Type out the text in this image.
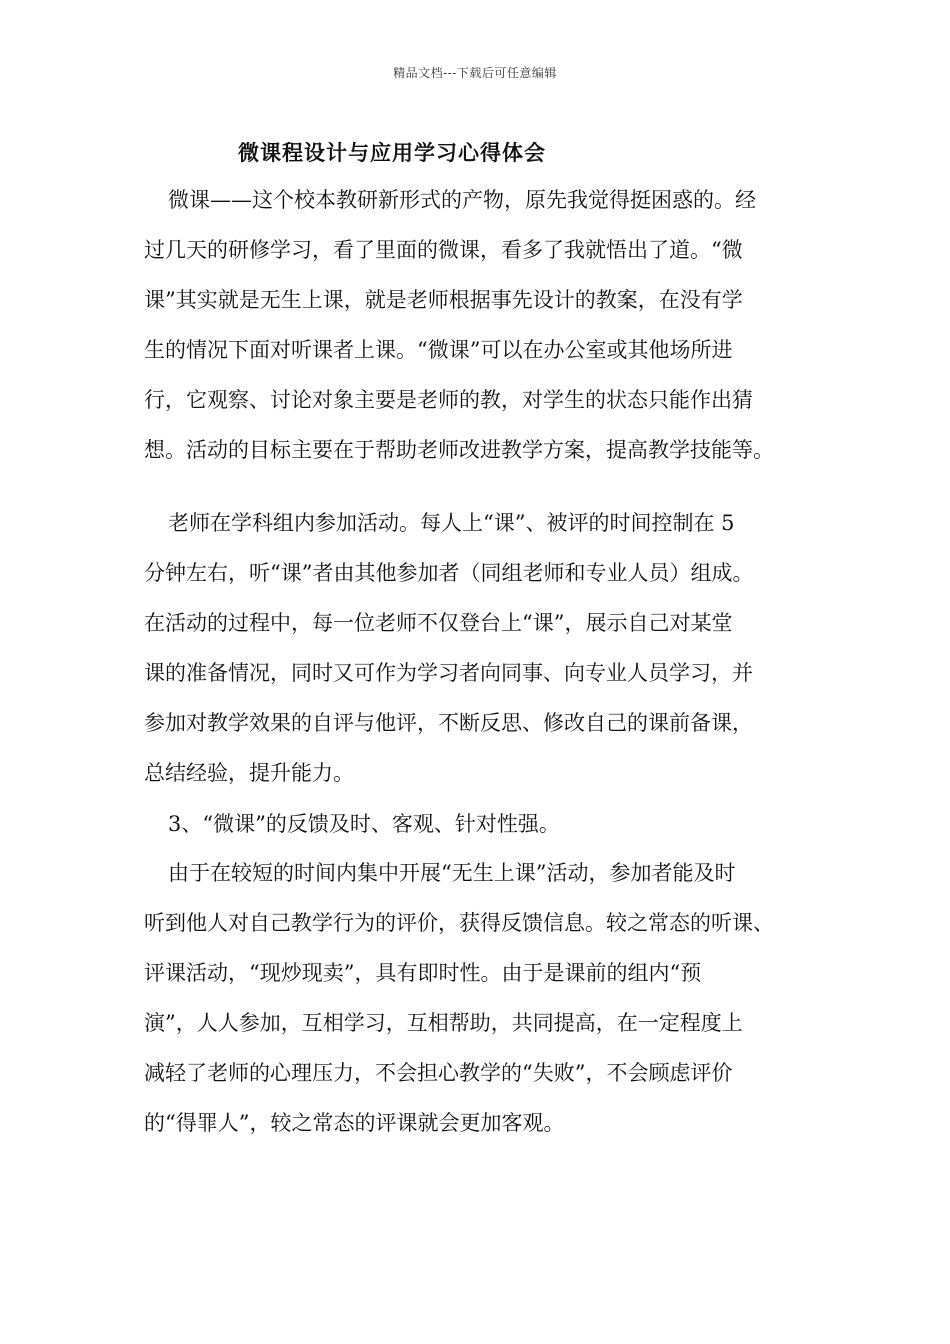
精品文档---下载后可任意编辑
微课程设计与应用学习心得体会
微课——这个校本教研新形式的产物，原先我觉得挺困惑的。经
过几天的研修学习，看了里面的微课，看多了我就悟出了道。“微
课”其实就是无生上课，就是老师根据事先设计的教案，在没有学
生的情况下面对听课者上课。“微课”可以在办公室或其他场所进
行，它观察、讨论对象主要是老师的教，对学生的状态只能作出猜
想。活动的目标主要在于帮助老师改进教学方案，提高教学技能等。
老师在学科组内参加活动。每人上“课”、被评的时间控制在 5
分钟左右，听“课”者由其他参加者（同组老师和专业人员）组成。
在活动的过程中，每一位老师不仅登台上“课”，展示自己对某堂
课的准备情况，同时又可作为学习者向同事、向专业人员学习，并
参加对教学效果的自评与他评，不断反思、修改自己的课前备课，
总结经验，提升能力。
3、“微课”的反馈及时、客观、针对性强。
由于在较短的时间内集中开展“无生上课”活动，参加者能及时
听到他人对自己教学行为的评价，获得反馈信息。较之常态的听课、
评课活动，“现炒现卖”，具有即时性。由于是课前的组内“预
演”，人人参加，互相学习，互相帮助，共同提高，在一定程度上
减轻了老师的心理压力，不会担心教学的“失败”，不会顾虑评价
的“得罪人”，较之常态的评课就会更加客观。
